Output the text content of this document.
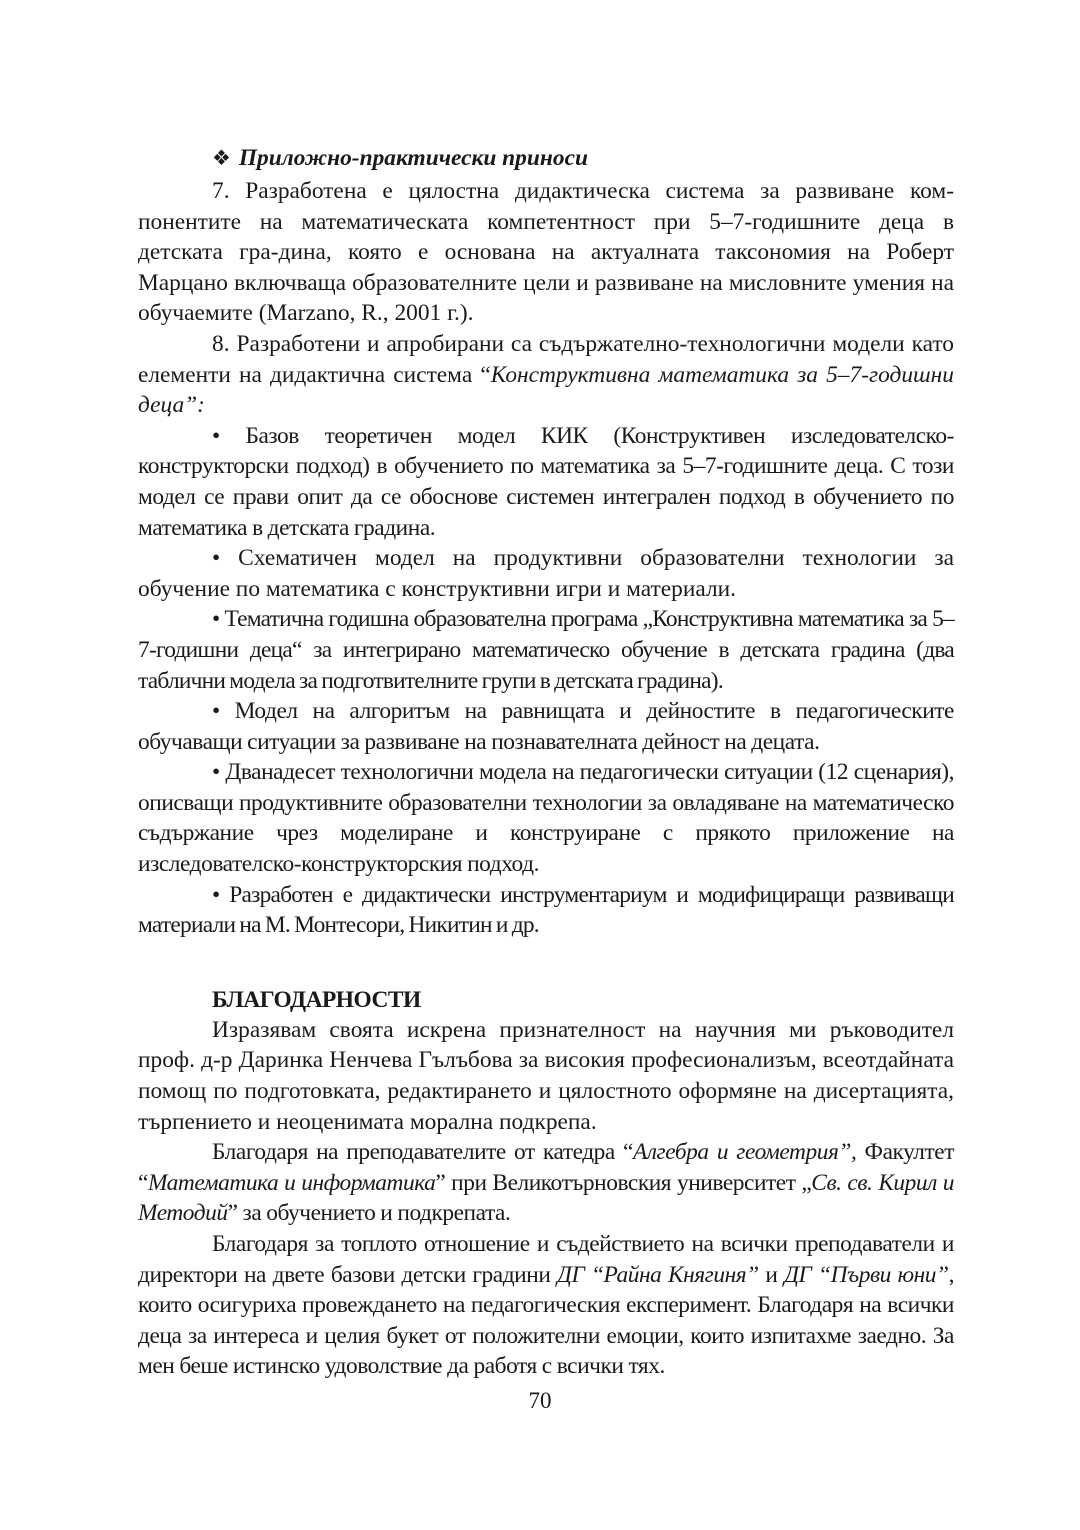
❖ Приложно-практически приноси

7. Разработена е цялостна дидактическа система за развиване компонентите на математическата компетентност при 5–7-годишните деца в детската гра-дина, която е основана на актуалната таксономия на Роберт Марцано включваща образователните цели и развиване на мисловните умения на обучаемите (Marzano, R., 2001 г.).

8. Разработени и апробирани са съдържателно-технологични модели като елементи на дидактична система “Конструктивна математика за 5–7-годишни деца”:

• Базов теоретичен модел КИК (Конструктивен изследователско-конструкторски подход) в обучението по математика за 5–7-годишните деца. С този модел се прави опит да се обоснове системен интегрален подход в обучението по математика в детската градина.

• Схематичен модел на продуктивни образователни технологии за обучение по математика с конструктивни игри и материали.

• Тематична годишна образователна програма „Конструктивна математика за 5–7-годишни деца“ за интегрирано математическо обучение в детската градина (два таблични модела за подготвителните групи в детската градина).

• Модел на алгоритъм на равнищата и дейностите в педагогическите обучаващи ситуации за развиване на познавателната дейност на децата.

• Дванадесет технологични модела на педагогически ситуации (12 сценария), описващи продуктивните образователни технологии за овладяване на математическо съдържание чрез моделиране и конструиране с прякото приложение на изследователско-конструкторския подход.

• Разработен е дидактически инструментариум и модифициращи развиващи материали на М. Монтесори, Никитин и др.

БЛАГОДАРНОСТИ

Изразявам своята искрена признателност на научния ми ръководител проф. д-р Даринка Ненчева Гълъбова за високия професионализъм, всеотдайната помощ по подготовката, редактирането и цялостното оформяне на дисертацията, търпението и неоценимата морална подкрепа.

Благодаря на преподавателите от катедра “Алгебра и геометрия”, Факултет “Математика и информатика” при Великотърновския университет „Св. св. Кирил и Методий” за обучението и подкрепата.

Благодаря за топлото отношение и съдействието на всички преподаватели и директори на двете базови детски градини ДГ “Райна Княгиня” и ДГ “Първи юни”, които осигуриха провеждането на педагогическия експеримент. Благодаря на всички деца за интереса и целия букет от положителни емоции, които изпитахме заедно. За мен беше истинско удоволствие да работя с всички тях.

70
